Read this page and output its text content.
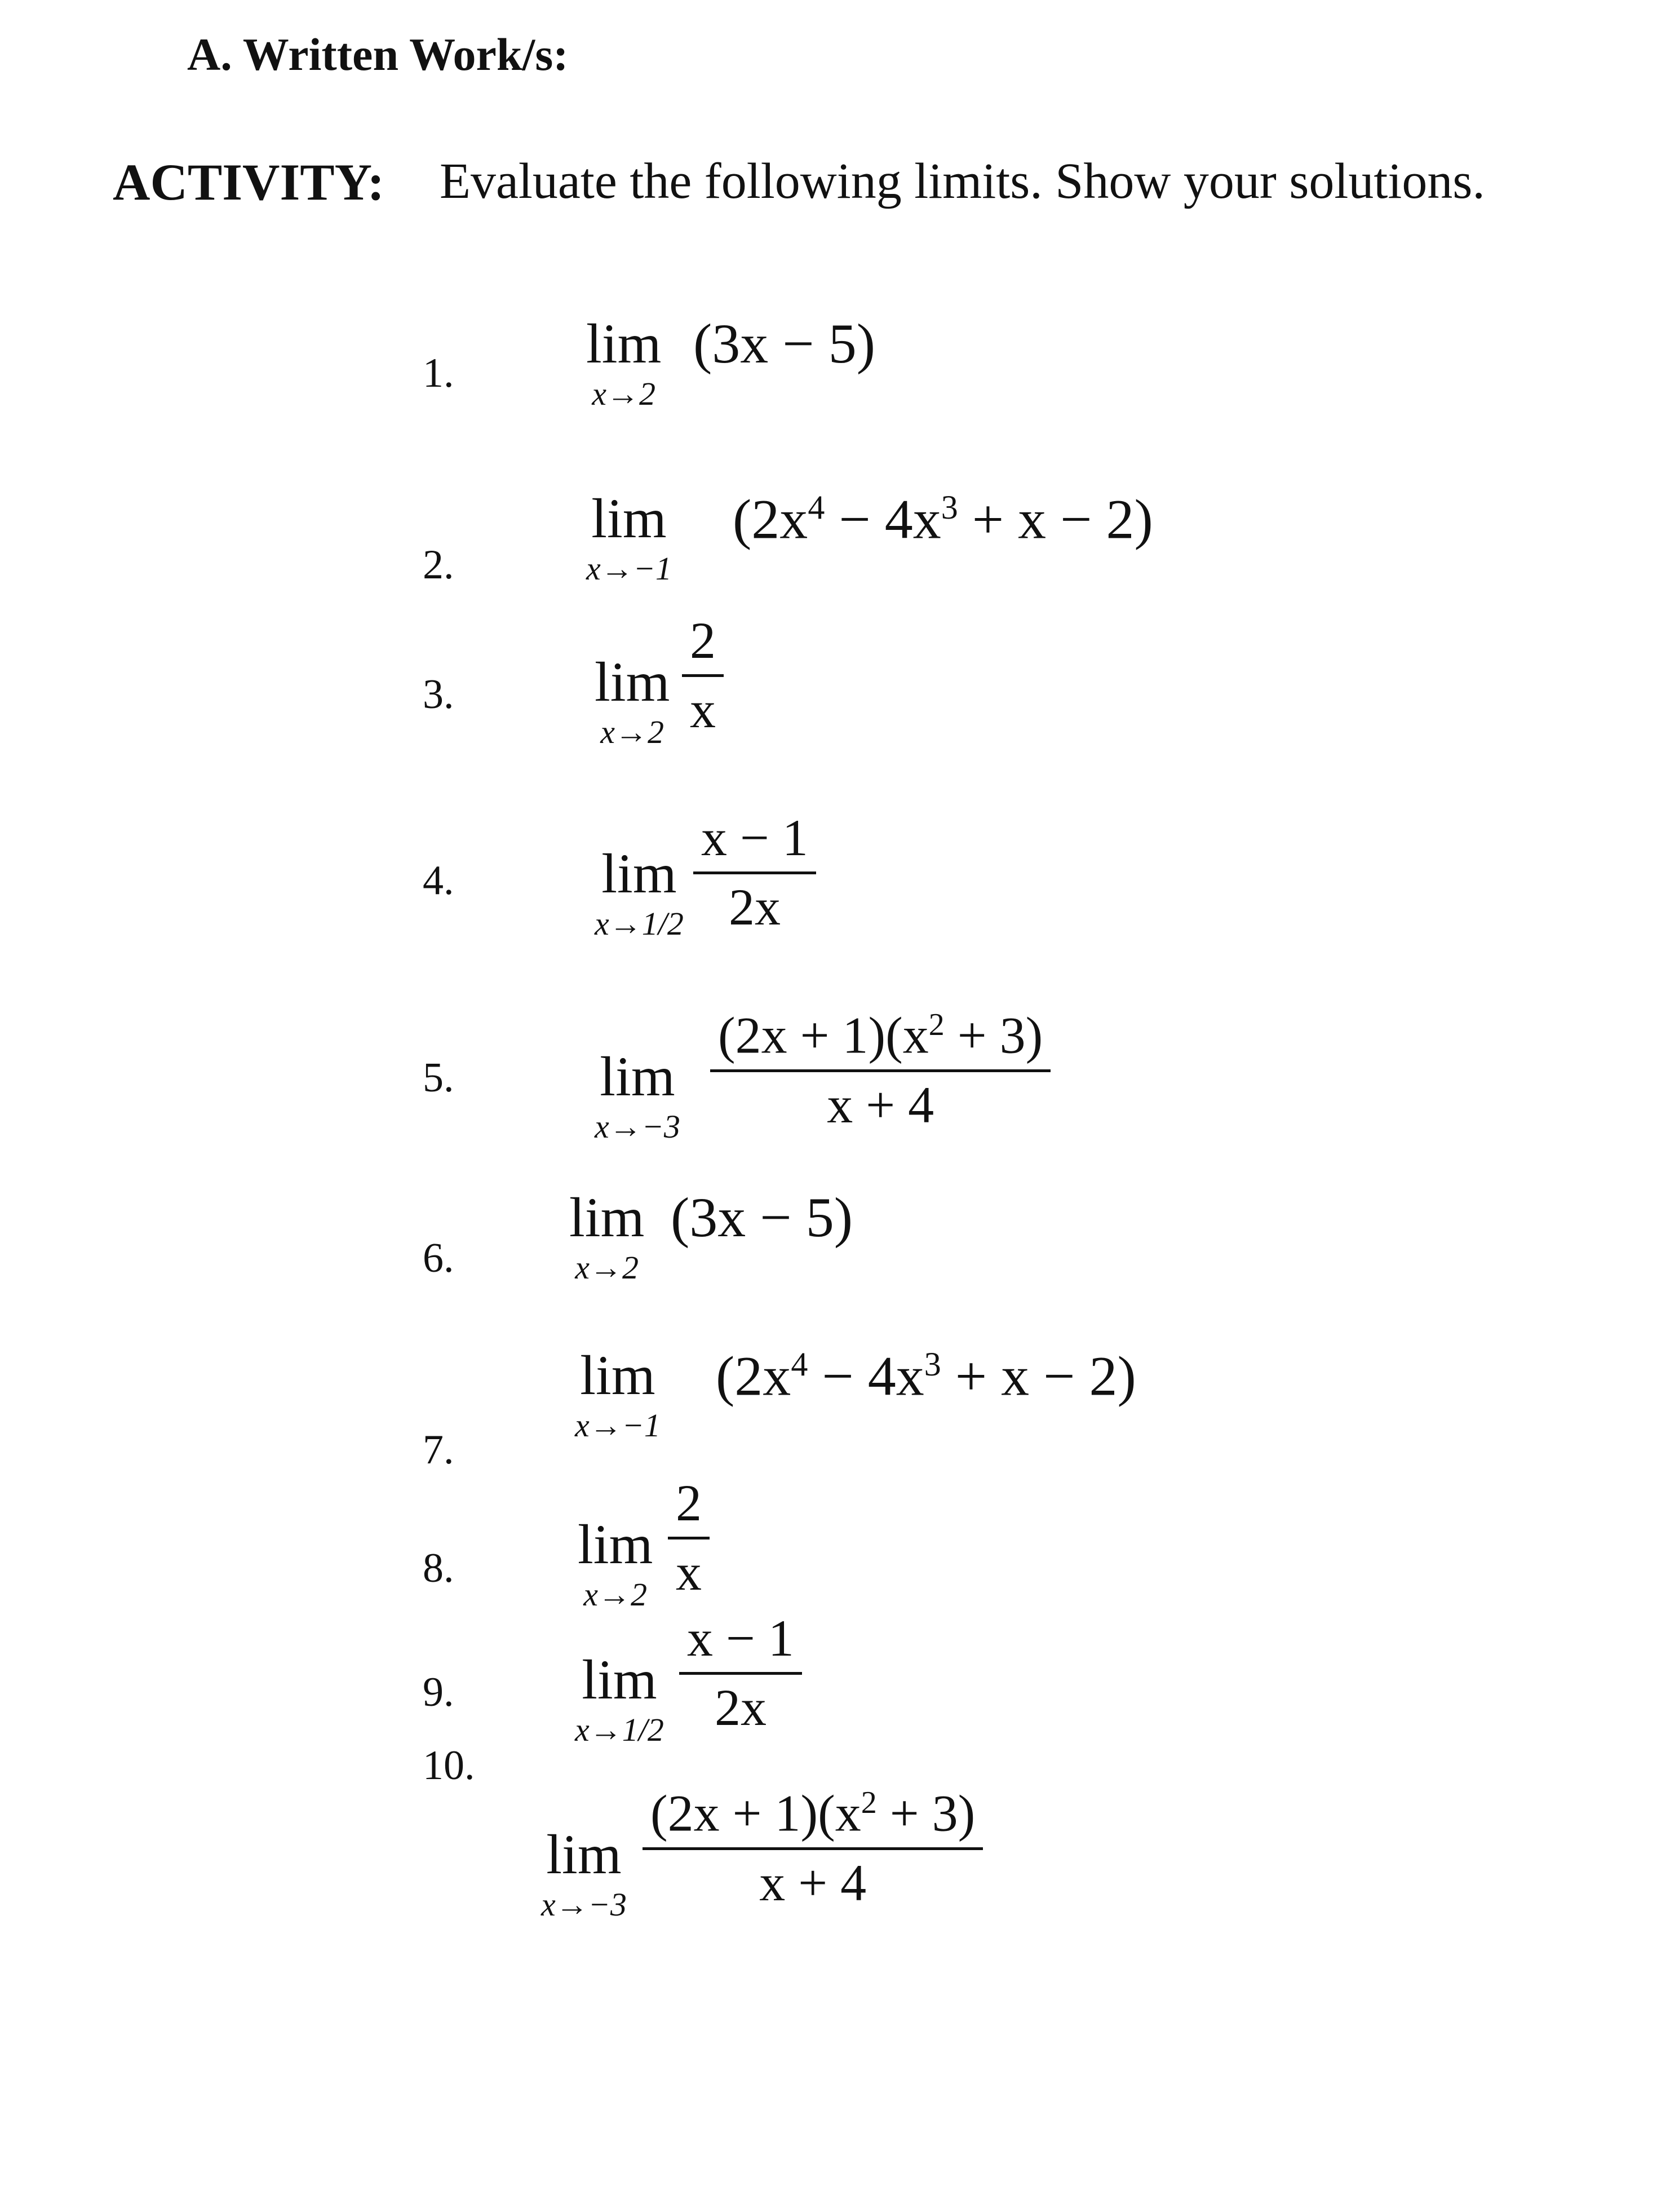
A. Written Work/s:
ACTIVITY: Evaluate the following limits. Show your solutions.
1. lim
x→2
(3x − 5)
2.
lim
x→−1
$(2x^4 - 4x^3 + x - 2)$
3. lim
x→2
2
x
4.	lim
x→1/2
x − 1
2x
5.	lim
x→−3
$(2x + 1)(x^2 + 3)$
x + 4
6.
lim
x→2
(3x − 5)
7.
lim
x→−1
$(2x^4 - 4x^3 + x - 2)$
8. lim
x→2
2
x
9. lim
x→1/2
x − 1
2x
10.
lim
x→−3
$(2x + 1)(x^2 + 3)$
x + 4
